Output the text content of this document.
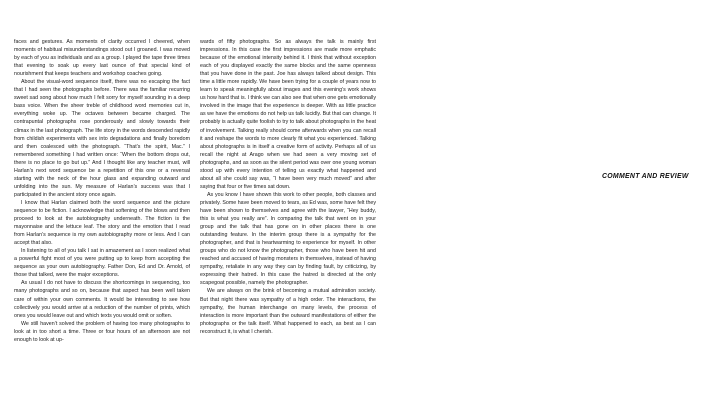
faces and gestures. As moments of clarity occurred I cheered, when moments of habitual misunderstandings stood out I groaned. I was moved by each of you as individuals and as a group. I played the tape three times that evening to soak up every last ounce of that special kind of nourishment that keeps teachers and workshop coaches going.

About the visual-word sequence itself, there was no escaping the fact that I had seen the photographs before. There was the familiar recurring sweet sad song about how much I felt sorry for myself sounding in a deep bass voice. When the sheer treble of childhood word memories cut in, everything woke up. The octaves between became charged. The contrapuntal photographs rose ponderously and slowly towards their climax in the last photograph. The life story in the words descended rapidly from childish experiments with sex into degradations and finally boredom and then coalesced with the photograph. “That’s the spirit, Mac.” I remembered something I had written once: “When the bottom drops out, there is no place to go but up.” And I thought like any teacher must, will Harlan’s next word sequence be a repetition of this one or a reversal starting with the neck of the hour glass and expanding outward and unfolding into the sun. My measure of Harlan’s success was that I participated in the ancient story once again.

I know that Harlan claimed both the word sequence and the picture sequence to be fiction. I acknowledge that softening of the blows and then proceed to look at the autobiography underneath. The fiction is the mayonnaise and the lettuce leaf. The story and the emotion that I read from Harlan’s sequence is my own autobiography more or less. And I can accept that also.

In listening to all of you talk I sat in amazement as I soon realized what a powerful fight most of you were putting up to keep from accepting the sequence as your own autobiography. Father Don, Ed and Dr. Arnold, of those that talked, were the major exceptions.

As usual I do not have to discuss the shortcomings in sequencing, too many photographs and so on, because that aspect has been well taken care of within your own comments. It would be interesting to see how collectively you would arrive at a reduction of the number of prints, which ones you would leave out and which texts you would omit or soften.

We still haven’t solved the problem of having too many photographs to look at in too short a time. Three or four hours of an afternoon are not enough to look at up-

wards of fifty photographs. So as always the talk is mainly first impressions. In this case the first impressions are made more emphatic because of the emotional intensity behind it. I think that without exception each of you displayed exactly the same blocks and the same openness that you have done in the past. Joe has always talked about design. This time a little more rapidly. We have been trying for a couple of years now to learn to speak meaningfully about images and this evening’s work shows us how hard that is. I think we can also see that when one gets emotionally involved in the image that the experience is deeper. With as little practice as we have the emotions do not help us talk lucidly. But that can change. It probably is actually quite foolish to try to talk about photographs in the heat of involvement. Talking really should come afterwards when you can recall it and reshape the words to more clearly fit what you experienced. Talking about photographs is in itself a creative form of activity. Perhaps all of us recall the night at Arago when we had seen a very moving set of photographs, and as soon as the silent period was over one young woman stood up with every intention of telling us exactly what happened and about all she could say was, “I have been very much moved” and after saying that four or five times sat down.

As you know I have shown this work to other people, both classes and privately. Some have been moved to tears, as Ed was, some have felt they have been shown to themselves and agree with the lawyer, “Hey buddy, this is what you really are”. In comparing the talk that went on in your group and the talk that has gone on in other places there is one outstanding feature. In the interim group there is a sympathy for the photographer, and that is heartwarming to experience for myself. In other groups who do not know the photographer, those who have been hit and reached and accused of having monsters in themselves, instead of having sympathy, retaliate in any way they can by finding fault, by criticizing, by expressing their hatred. In this case the hatred is directed at the only scapegoat possible, namely the photographer.

We are always on the brink of becoming a mutual admiration society. But that night there was sympathy of a high order. The interactions, the sympathy, the human interchange on many levels, the process of interaction is more important than the outward manifestations of either the photographs or the talk itself. What happened to each, as best as I can reconstruct it, is what I cherish.

COMMENT AND REVIEW
